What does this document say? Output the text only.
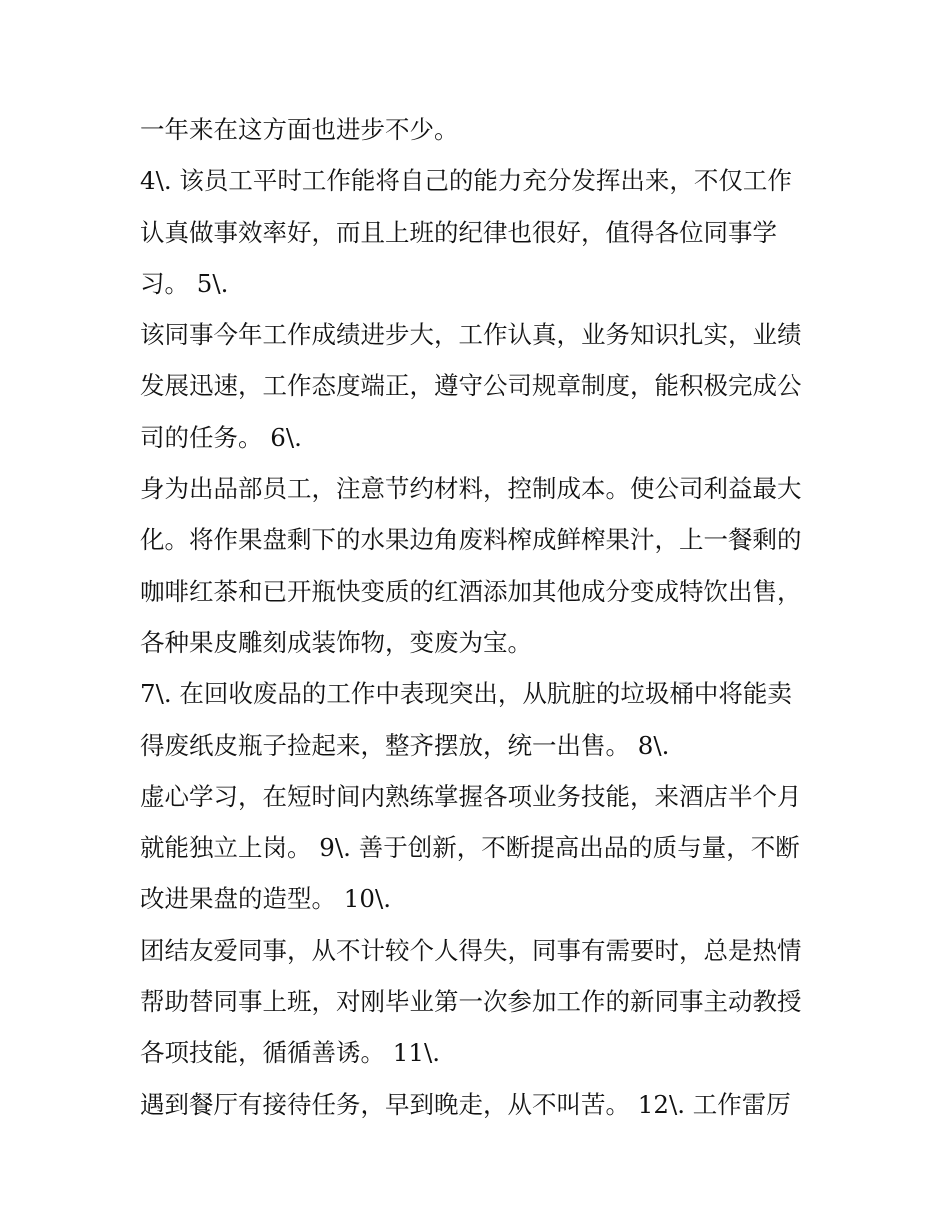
一年来在这方面也进步不少。
4\. 该员工平时工作能将自己的能力充分发挥出来，不仅工作
认真做事效率好，而且上班的纪律也很好，值得各位同事学
习。 5\.
该同事今年工作成绩进步大，工作认真，业务知识扎实，业绩
发展迅速，工作态度端正，遵守公司规章制度，能积极完成公
司的任务。 6\.
身为出品部员工，注意节约材料，控制成本。使公司利益最大
化。将作果盘剩下的水果边角废料榨成鲜榨果汁，上一餐剩的
咖啡红茶和已开瓶快变质的红酒添加其他成分变成特饮出售，
各种果皮雕刻成装饰物，变废为宝。
7\. 在回收废品的工作中表现突出，从肮脏的垃圾桶中将能卖
得废纸皮瓶子捡起来，整齐摆放，统一出售。 8\.
虚心学习，在短时间内熟练掌握各项业务技能，来酒店半个月
就能独立上岗。 9\. 善于创新，不断提高出品的质与量，不断
改进果盘的造型。 10\.
团结友爱同事，从不计较个人得失，同事有需要时，总是热情
帮助替同事上班，对刚毕业第一次参加工作的新同事主动教授
各项技能，循循善诱。 11\.
遇到餐厅有接待任务，早到晚走，从不叫苦。 12\. 工作雷厉
